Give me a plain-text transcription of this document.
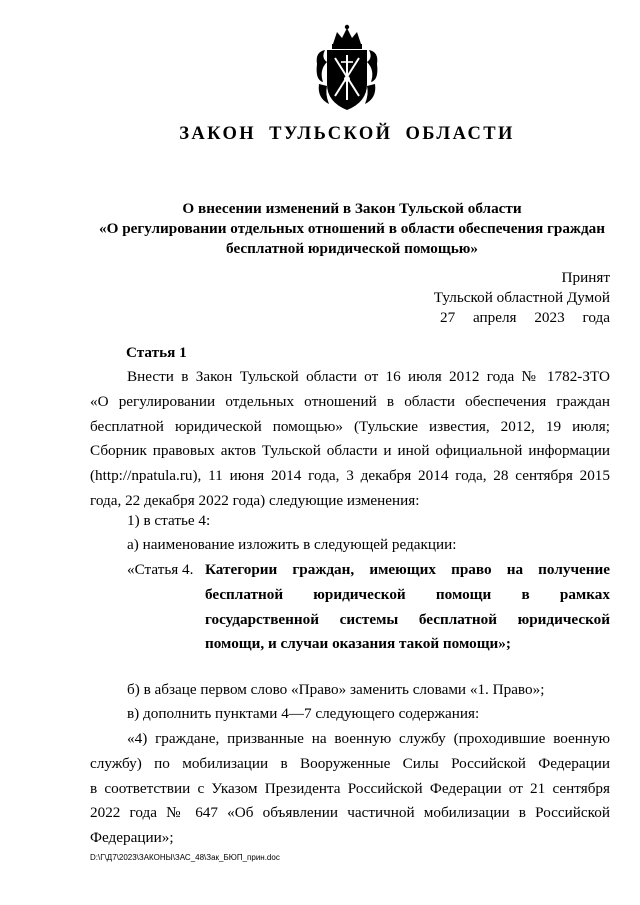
ЗАКОН ТУЛЬСКОЙ ОБЛАСТИ
О внесении изменений в Закон Тульской области
«О регулировании отдельных отношений в области обеспечения граждан
бесплатной юридической помощью»
Принят
Тульской областной Думой
27 апреля 2023 года
Статья 1
Внести в Закон Тульской области от 16 июля 2012 года № 1782-ЗТО
«О регулировании отдельных отношений в области обеспечения граждан
бесплатной юридической помощью» (Тульские известия, 2012, 19 июля;
Сборник правовых актов Тульской области и иной официальной информации
(http://npatula.ru), 11 июня 2014 года, 3 декабря 2014 года, 28 сентября 2015
года, 22 декабря 2022 года) следующие изменения:
1) в статье 4:
а) наименование изложить в следующей редакции:
«Статья 4. Категории граждан, имеющих право на получение
бесплатной юридической помощи в рамках
государственной системы бесплатной юридической
помощи, и случаи оказания такой помощи»;
б) в абзаце первом слово «Право» заменить словами «1. Право»;
в) дополнить пунктами 4—7 следующего содержания:
«4) граждане, призванные на военную службу (проходившие военную
службу) по мобилизации в Вооруженные Силы Российской Федерации
в соответствии с Указом Президента Российской Федерации от 21 сентября
2022 года № 647 «Об объявлении частичной мобилизации в Российской
Федерации»;
D:\Г\Д7\2023\ЗАКОНЫ\ЗАС_48\Зак_БЮП_прин.doc
